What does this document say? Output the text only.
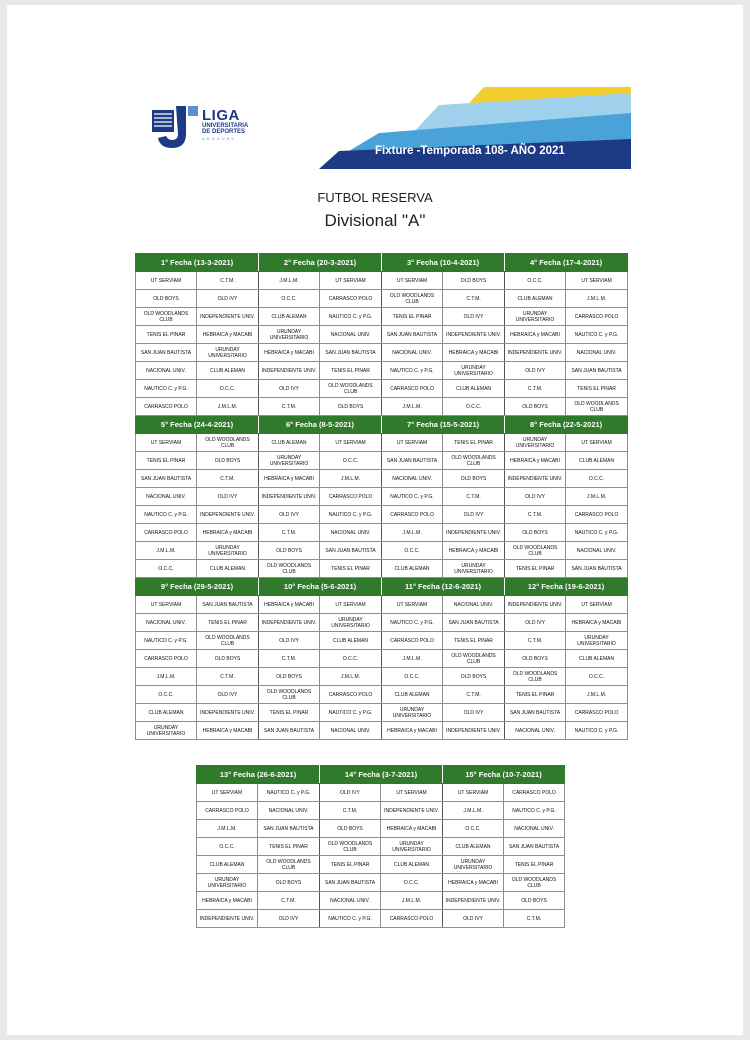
LIGA
UNIVERSITARIA
DE DEPORTES
URUGUAY
Fixture -Temporada 108- AÑO 2021
FUTBOL RESERVA
Divisional "A"
1° Fecha (13-3-2021)		2° Fecha (20-3-2021)		3° Fecha (10-4-2021)		4° Fecha (17-4-2021)	
UT SERVIAM	C.T.M.	J.M.L.M.	UT SERVIAM	UT SERVIAM	OLD BOYS	O.C.C.	UT SERVIAM
OLD BOYS	OLD IVY	O.C.C.	CARRASCO POLO	OLD WOODLANDS CLUB	C.T.M.	CLUB ALEMAN	J.M.L.M.
OLD WOODLANDS CLUB	INDEPENDIENTE UNIV.	CLUB ALEMAN	NAUTICO C. y P.G.	TENIS EL PINAR	OLD IVY	URUNDAY UNIVERSITARIO	CARRASCO POLO
TENIS EL PINAR	HEBRAICA y MACABI	URUNDAY UNIVERSITARIO	NACIONAL UNIV.	SAN JUAN BAUTISTA	INDEPENDIENTE UNIV.	HEBRAICA y MACABI	NAUTICO C. y P.G.
SAN JUAN BAUTISTA	URUNDAY UNIVERSITARIO	HEBRAICA y MACABI	SAN JUAN BAUTISTA	NACIONAL UNIV.	HEBRAICA y MACABI	INDEPENDIENTE UNIV.	NACIONAL UNIV.
NACIONAL UNIV.	CLUB ALEMAN	INDEPENDIENTE UNIV.	TENIS EL PINAR	NAUTICO C. y P.G.	URUNDAY UNIVERSITARIO	OLD IVY	SAN JUAN BAUTISTA
NAUTICO C. y P.G.	O.C.C.	OLD IVY	OLD WOODLANDS CLUB	CARRASCO POLO	CLUB ALEMAN	C.T.M.	TENIS EL PINAR
CARRASCO POLO	J.M.L.M.	C.T.M.	OLD BOYS	J.M.L.M.	O.C.C.	OLD BOYS	OLD WOODLANDS CLUB
5° Fecha (24-4-2021)		6° Fecha (8-5-2021)		7° Fecha (15-5-2021)		8° Fecha (22-5-2021)	
UT SERVIAM	OLD WOODLANDS CLUB	CLUB ALEMAN	UT SERVIAM	UT SERVIAM	TENIS EL PINAR	URUNDAY UNIVERSITARIO	UT SERVIAM
TENIS EL PINAR	OLD BOYS	URUNDAY UNIVERSITARIO	O.C.C.	SAN JUAN BAUTISTA	OLD WOODLANDS CLUB	HEBRAICA y MACABI	CLUB ALEMAN
SAN JUAN BAUTISTA	C.T.M.	HEBRAICA y MACABI	J.M.L.M.	NACIONAL UNIV.	OLD BOYS	INDEPENDIENTE UNIV.	O.C.C.
NACIONAL UNIV.	OLD IVY	INDEPENDIENTE UNIV.	CARRASCO POLO	NAUTICO C. y P.G.	C.T.M.	OLD IVY	J.M.L.M.
NAUTICO C. y P.G.	INDEPENDIENTE UNIV.	OLD IVY	NAUTICO C. y P.G.	CARRASCO POLO	OLD IVY	C.T.M.	CARRASCO POLO
CARRASCO POLO	HEBRAICA y MACABI	C.T.M.	NACIONAL UNIV.	J.M.L.M.	INDEPENDIENTE UNIV.	OLD BOYS	NAUTICO C. y P.G.
J.M.L.M.	URUNDAY UNIVERSITARIO	OLD BOYS	SAN JUAN BAUTISTA	O.C.C.	HEBRAICA y MACABI	OLD WOODLANDS CLUB	NACIONAL UNIV.
O.C.C.	CLUB ALEMAN	OLD WOODLANDS CLUB	TENIS EL PINAR	CLUB ALEMAN	URUNDAY UNIVERSITARIO	TENIS EL PINAR	SAN JUAN BAUTISTA
9° Fecha (29-5-2021)		10° Fecha (5-6-2021)		11° Fecha (12-6-2021)		12° Fecha (19-6-2021)	
UT SERVIAM	SAN JUAN BAUTISTA	HEBRAICA y MACABI	UT SERVIAM	UT SERVIAM	NACIONAL UNIV.	INDEPENDIENTE UNIV.	UT SERVIAM
NACIONAL UNIV.	TENIS EL PINAR	INDEPENDIENTE UNIV.	URUNDAY UNIVERSITARIO	NAUTICO C. y P.G.	SAN JUAN BAUTISTA	OLD IVY	HEBRAICA y MACABI
NAUTICO C. y P.G.	OLD WOODLANDS CLUB	OLD IVY	CLUB ALEMAN	CARRASCO POLO	TENIS EL PINAR	C.T.M.	URUNDAY UNIVERSITARIO
CARRASCO POLO	OLD BOYS	C.T.M.	O.C.C.	J.M.L.M.	OLD WOODLANDS CLUB	OLD BOYS	CLUB ALEMAN
J.M.L.M.	C.T.M.	OLD BOYS	J.M.L.M.	O.C.C.	OLD BOYS	OLD WOODLANDS CLUB	O.C.C.
O.C.C.	OLD IVY	OLD WOODLANDS CLUB	CARRASCO POLO	CLUB ALEMAN	C.T.M.	TENIS EL PINAR	J.M.L.M.
CLUB ALEMAN	INDEPENDIENTE UNIV.	TENIS EL PINAR	NAUTICO C. y P.G.	URUNDAY UNIVERSITARIO	OLD IVY	SAN JUAN BAUTISTA	CARRASCO POLO
URUNDAY UNIVERSITARIO	HEBRAICA y MACABI	SAN JUAN BAUTISTA	NACIONAL UNIV.	HEBRAICA y MACABI	INDEPENDIENTE UNIV.	NACIONAL UNIV.	NAUTICO C. y P.G.
13° Fecha (26-6-2021)		14° Fecha (3-7-2021)		15° Fecha (10-7-2021)	
UT SERVIAM	NAUTICO C. y P.G.	OLD IVY	UT SERVIAM	UT SERVIAM	CARRASCO POLO
CARRASCO POLO	NACIONAL UNIV.	C.T.M.	INDEPENDIENTE UNIV.	J.M.L.M.	NAUTICO C. y P.G.
J.M.L.M.	SAN JUAN BAUTISTA	OLD BOYS	HEBRAICA y MACABI	O.C.C.	NACIONAL UNIV.
O.C.C.	TENIS EL PINAR	OLD WOODLANDS CLUB	URUNDAY UNIVERSITARIO	CLUB ALEMAN	SAN JUAN BAUTISTA
CLUB ALEMAN	OLD WOODLANDS CLUB	TENIS EL PINAR	CLUB ALEMAN	URUNDAY UNIVERSITARIO	TENIS EL PINAR
URUNDAY UNIVERSITARIO	OLD BOYS	SAN JUAN BAUTISTA	O.C.C.	HEBRAICA y MACABI	OLD WOODLANDS CLUB
HEBRAICA y MACABI	C.T.M.	NACIONAL UNIV.	J.M.L.M.	INDEPENDIENTE UNIV.	OLD BOYS
INDEPENDIENTE UNIV.	OLD IVY	NAUTICO C. y P.G.	CARRASCO POLO	OLD IVY	C.T.M.
